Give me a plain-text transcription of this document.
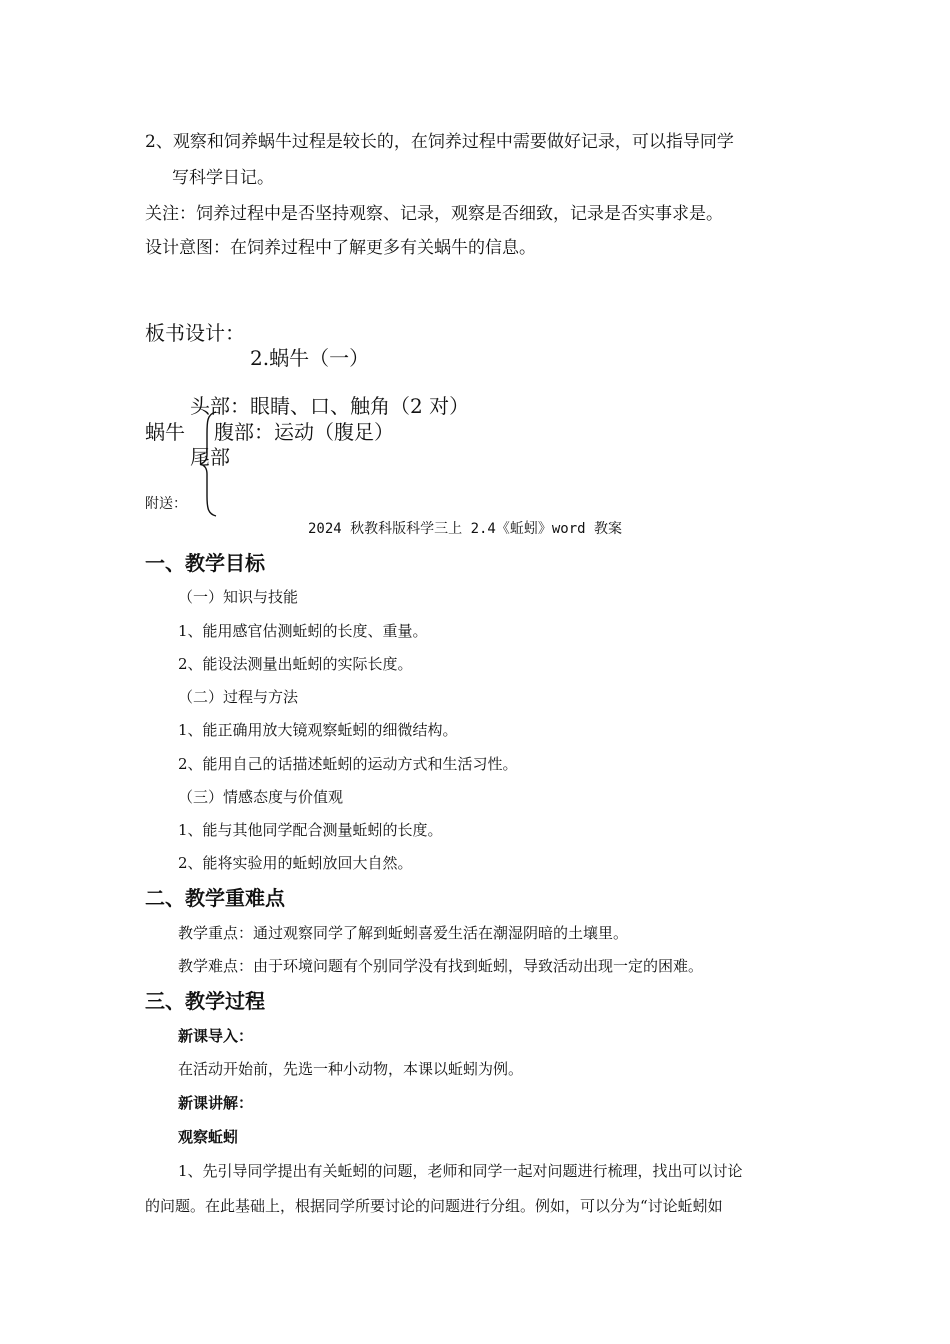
2、观察和饲养蜗牛过程是较长的，在饲养过程中需要做好记录，可以指导同学
写科学日记。
关注：饲养过程中是否坚持观察、记录，观察是否细致，记录是否实事求是。
设计意图：在饲养过程中了解更多有关蜗牛的信息。
板书设计：
2.蜗牛（一）
头部：眼睛、口、触角（2 对）
蜗牛 腹部：运动（腹足）
尾部
附送：
2024 秋教科版科学三上 2.4《蚯蚓》word 教案
一、教学目标
（一）知识与技能
1、能用感官估测蚯蚓的长度、重量。
2、能设法测量出蚯蚓的实际长度。
（二）过程与方法
1、能正确用放大镜观察蚯蚓的细微结构。
2、能用自己的话描述蚯蚓的运动方式和生活习性。
（三）情感态度与价值观
1、能与其他同学配合测量蚯蚓的长度。
2、能将实验用的蚯蚓放回大自然。
二、教学重难点
教学重点：通过观察同学了解到蚯蚓喜爱生活在潮湿阴暗的土壤里。
教学难点：由于环境问题有个别同学没有找到蚯蚓，导致活动出现一定的困难。
三、教学过程
新课导入：
在活动开始前，先选一种小动物，本课以蚯蚓为例。
新课讲解：
观察蚯蚓
1、先引导同学提出有关蚯蚓的问题，老师和同学一起对问题进行梳理，找出可以讨论
的问题。在此基础上，根据同学所要讨论的问题进行分组。例如，可以分为“讨论蚯蚓如
